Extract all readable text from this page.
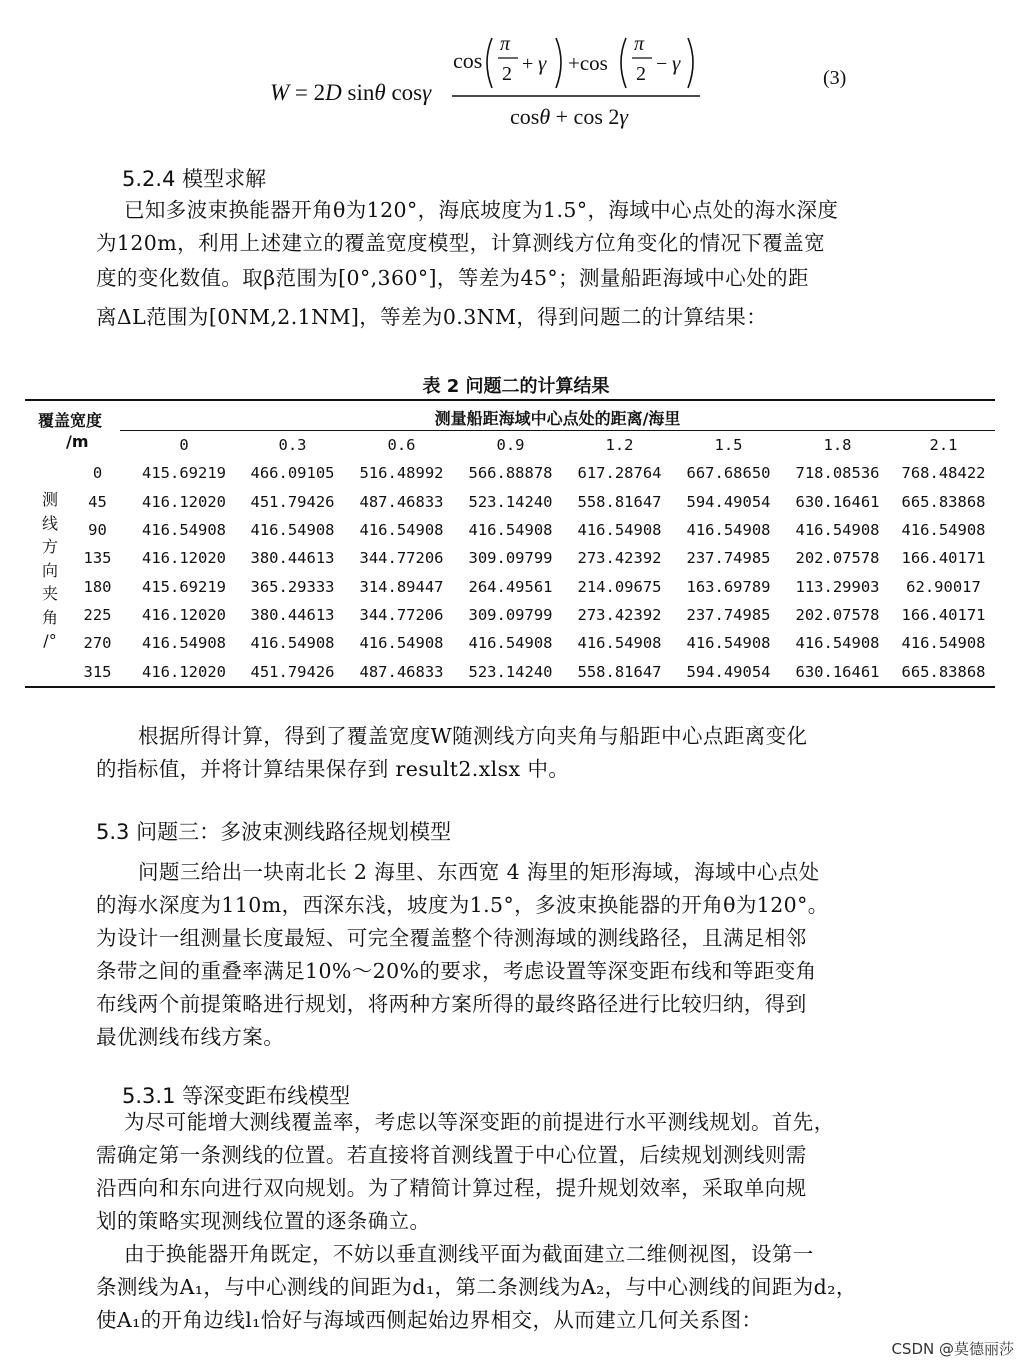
W = 2D sinθ cosγ
cos
π
2 + γ +cos
π
2 − γ
cosθ + cos 2γ
(3)
5.2.4 模型求解

已知多波束换能器开角θ为120°，海底坡度为1.5°，海域中心点处的海水深度

为120m，利用上述建立的覆盖宽度模型，计算测线方位角变化的情况下覆盖宽

度的变化数值。取β范围为[0°,360°]，等差为45°；测量船距海域中心处的距

离ΔL范围为[0NM,2.1NM]，等差为0.3NM，得到问题二的计算结果：

表 2 问题二的计算结果
覆盖宽度
/m
测量船距海域中心点处的距离/海里
测
线
方
向
夹
角
/°
		0	0.3	0.6	0.9	1.2	1.5	1.8	2.1
	0	415.69219	466.09105	516.48992	566.88878	617.28764	667.68650	718.08536	768.48422
	45	416.12020	451.79426	487.46833	523.14240	558.81647	594.49054	630.16461	665.83868
	90	416.54908	416.54908	416.54908	416.54908	416.54908	416.54908	416.54908	416.54908
	135	416.12020	380.44613	344.77206	309.09799	273.42392	237.74985	202.07578	166.40171
	180	415.69219	365.29333	314.89447	264.49561	214.09675	163.69789	113.29903	62.90017
	225	416.12020	380.44613	344.77206	309.09799	273.42392	237.74985	202.07578	166.40171
	270	416.54908	416.54908	416.54908	416.54908	416.54908	416.54908	416.54908	416.54908
	315	416.12020	451.79426	487.46833	523.14240	558.81647	594.49054	630.16461	665.83868

根据所得计算，得到了覆盖宽度W随测线方向夹角与船距中心点距离变化

的指标值，并将计算结果保存到 result2.xlsx 中。

5.3 问题三：多波束测线路径规划模型

问题三给出一块南北长 2 海里、东西宽 4 海里的矩形海域，海域中心点处

的海水深度为110m，西深东浅，坡度为1.5°，多波束换能器的开角θ为120°。

为设计一组测量长度最短、可完全覆盖整个待测海域的测线路径，且满足相邻

条带之间的重叠率满足10%～20%的要求，考虑设置等深变距布线和等距变角

布线两个前提策略进行规划，将两种方案所得的最终路径进行比较归纳，得到

最优测线布线方案。

5.3.1 等深变距布线模型

为尽可能增大测线覆盖率，考虑以等深变距的前提进行水平测线规划。首先，

需确定第一条测线的位置。若直接将首测线置于中心位置，后续规划测线则需

沿西向和东向进行双向规划。为了精简计算过程，提升规划效率，采取单向规

划的策略实现测线位置的逐条确立。

由于换能器开角既定，不妨以垂直测线平面为截面建立二维侧视图，设第一

条测线为A₁，与中心测线的间距为d₁，第二条测线为A₂，与中心测线的间距为d₂，

使A₁的开角边线l₁恰好与海域西侧起始边界相交，从而建立几何关系图：

CSDN @莫德丽莎
